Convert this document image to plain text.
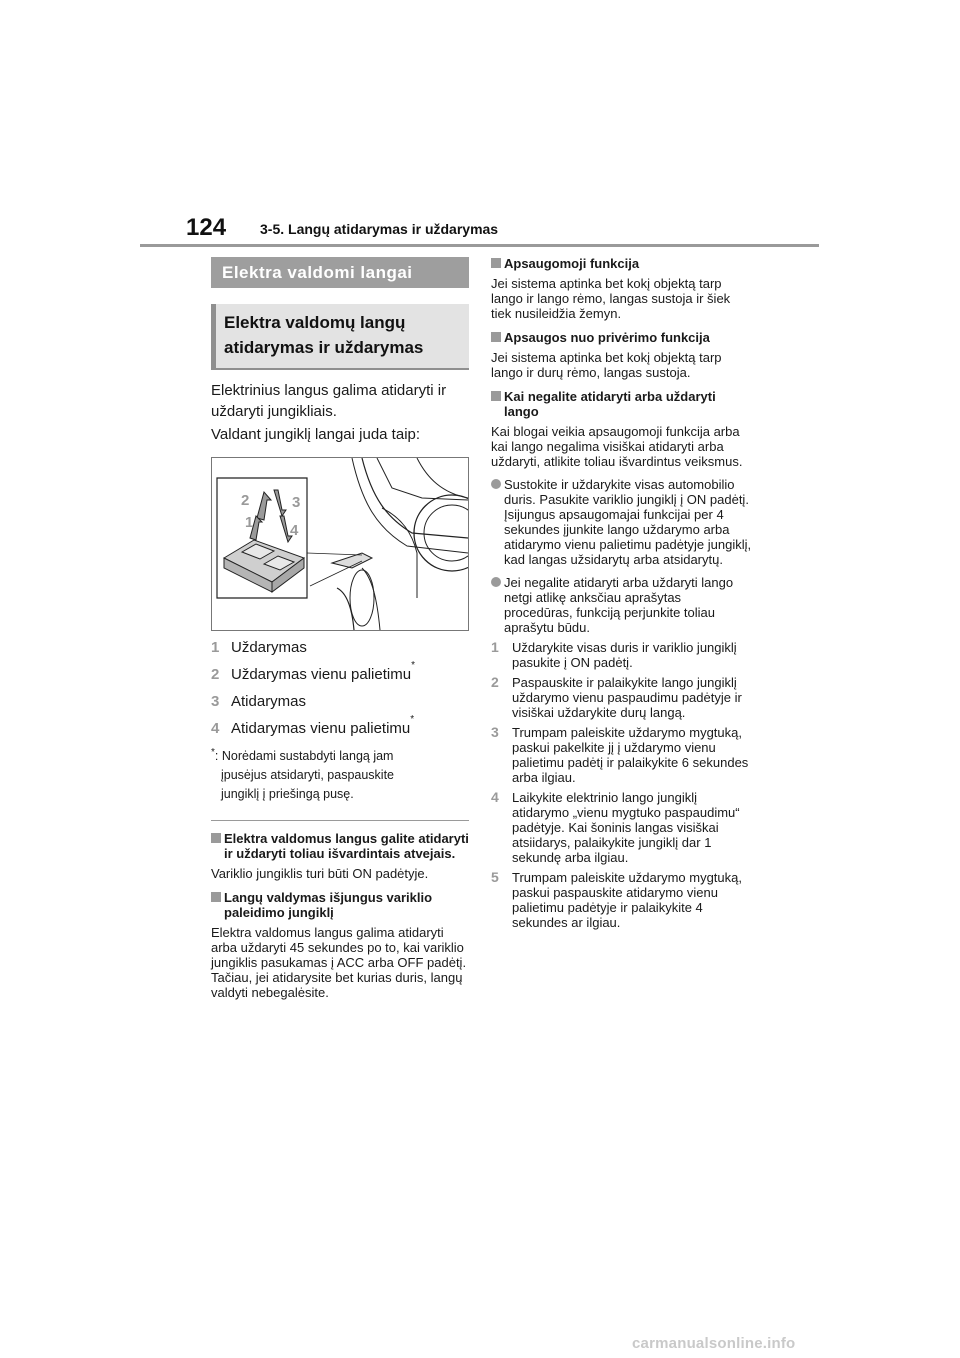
124 3-5. Langų atidarymas ir uždarymas
Elektra valdomi langai
Elektra valdomų langų
atidarymas ir uždarymas

Elektrinius langus galima atidaryti ir uždaryti jungikliais.

Valdant jungiklį langai juda taip:

2	3
1 4
1 Uždarymas
2 Uždarymas vienu palietimu
*
3 Atidarymas
4 Atidarymas vienu palietimu
*
*: Norėdami sustabdyti langą jam
įpusėjus atsidaryti, paspauskite
jungiklį į priešingą pusę.
Elektra valdomus langus galite atidaryti ir uždaryti toliau išvardintais atvejais.
Variklio jungiklis turi būti ON padėtyje.
Langų valdymas išjungus variklio paleidimo jungiklį
Elektra valdomus langus galima atidaryti arba uždaryti 45 sekundes po to, kai variklio jungiklis pasukamas į ACC arba OFF padėtį. Tačiau, jei atidarysite bet kurias duris, langų valdyti nebegalėsite.
Apsaugomoji funkcija
Jei sistema aptinka bet kokį objektą tarp lango ir lango rėmo, langas sustoja ir šiek tiek nusileidžia žemyn.
Apsaugos nuo privėrimo funkcija
Jei sistema aptinka bet kokį objektą tarp lango ir durų rėmo, langas sustoja.
Kai negalite atidaryti arba uždaryti lango
Kai blogai veikia apsaugomoji funkcija arba kai lango negalima visiškai atidaryti arba uždaryti, atlikite toliau išvardintus veiksmus.
Sustokite ir uždarykite visas automobilio duris. Pasukite variklio jungiklį į ON padėtį. Įsijungus apsaugomajai funkcijai per 4 sekundes įjunkite lango uždarymo arba atidarymo vienu palietimu padėtyje jungiklį, kad langas užsidarytų arba atsidarytų.
Jei negalite atidaryti arba uždaryti lango netgi atlikę anksčiau aprašytas procedūras, funkciją perjunkite toliau aprašytu būdu.
1	Uždarykite visas duris ir variklio jungiklį pasukite į ON padėtį.
2	Paspauskite ir palaikykite lango jungiklį uždarymo vienu paspaudimu padėtyje ir visiškai uždarykite durų langą.
3	Trumpam paleiskite uždarymo mygtuką, paskui pakelkite jį į uždarymo vienu palietimu padėtį ir palaikykite 6 sekundes arba ilgiau.
4	Laikykite elektrinio lango jungiklį atidarymo „vienu mygtuko paspaudimu“ padėtyje. Kai šoninis langas visiškai atsiidarys, palaikykite jungiklį dar 1 sekundę arba ilgiau.
5	Trumpam paleiskite uždarymo mygtuką, paskui paspauskite atidarymo vienu palietimu padėtyje ir palaikykite 4 sekundes ar ilgiau.
carmanualsonline.info
